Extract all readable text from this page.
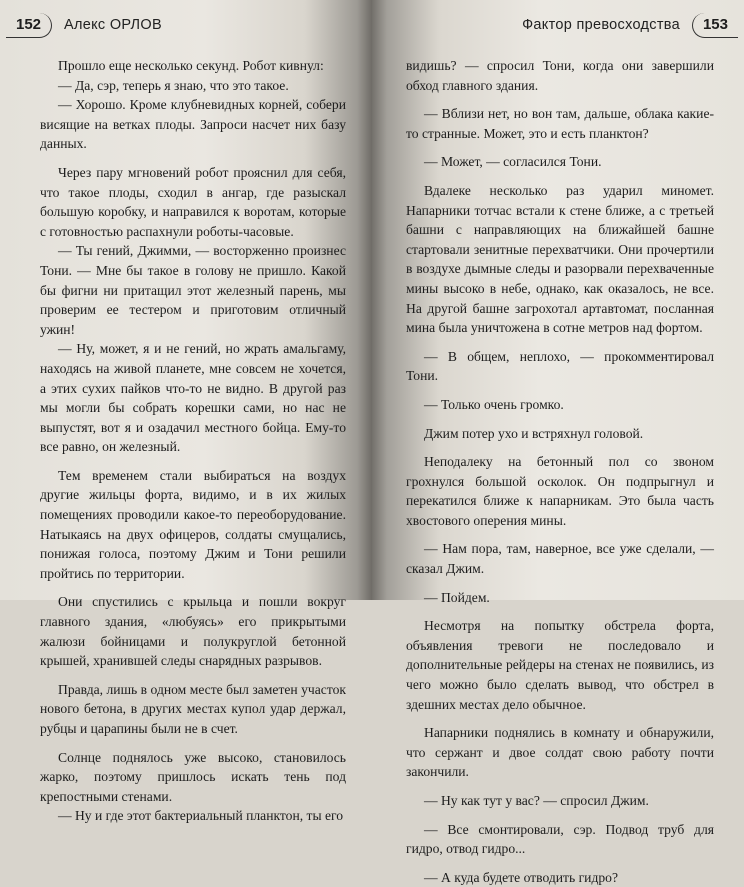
152	Алекс ОРЛОВ

Прошло еще несколько секунд. Робот кивнул:

— Да, сэр, теперь я знаю, что это такое.

— Хорошо. Кроме клубневидных корней, собери висящие на ветках плоды. Запроси насчет них базу данных.

Через пару мгновений робот прояснил для себя, что такое плоды, сходил в ангар, где разыскал большую коробку, и направился к воротам, которые с готовностью распахнули роботы-часовые.

— Ты гений, Джимми, — восторженно произнес Тони. — Мне бы такое в голову не пришло. Какой бы фигни ни притащил этот железный парень, мы проверим ее тестером и приготовим отличный ужин!

— Ну, может, я и не гений, но жрать амальгаму, находясь на живой планете, мне совсем не хочется, а этих сухих пайков что-то не видно. В другой раз мы могли бы собрать корешки сами, но нас не выпустят, вот я и озадачил местного бойца. Ему-то все равно, он железный.

Тем временем стали выбираться на воздух другие жильцы форта, видимо, и в их жилых помещениях проводили какое-то переоборудование. Натыкаясь на двух офицеров, солдаты смущались, понижая голоса, поэтому Джим и Тони решили пройтись по территории.

Они спустились с крыльца и пошли вокруг главного здания, «любуясь» его прикрытыми жалюзи бойницами и полукруглой бетонной крышей, хранившей следы снарядных разрывов.

Правда, лишь в одном месте был заметен участок нового бетона, в других местах купол удар держал, рубцы и царапины были не в счет.

Солнце поднялось уже высоко, становилось жарко, поэтому пришлось искать тень под крепостными стенами.

— Ну и где этот бактериальный планктон, ты его

Фактор превосходства	153

видишь? — спросил Тони, когда они завершили обход главного здания.

— Вблизи нет, но вон там, дальше, облака какие-то странные. Может, это и есть планктон?

— Может, — согласился Тони.

Вдалеке несколько раз ударил миномет. Напарники тотчас встали к стене ближе, а с третьей башни с направляющих на ближайшей башне стартовали зенитные перехватчики. Они прочертили в воздухе дымные следы и разорвали перехваченные мины высоко в небе, однако, как оказалось, не все. На другой башне загрохотал артавтомат, посланная мина была уничтожена в сотне метров над фортом.

— В общем, неплохо, — прокомментировал Тони.

— Только очень громко.

Джим потер ухо и встряхнул головой.

Неподалеку на бетонный пол со звоном грохнулся большой осколок. Он подпрыгнул и перекатился ближе к напарникам. Это была часть хвостового оперения мины.

— Нам пора, там, наверное, все уже сделали, — сказал Джим.

— Пойдем.

Несмотря на попытку обстрела форта, объявления тревоги не последовало и дополнительные рейдеры на стенах не появились, из чего можно было сделать вывод, что обстрел в здешних местах дело обычное.

Напарники поднялись в комнату и обнаружили, что сержант и двое солдат свою работу почти закончили.

— Ну как тут у вас? — спросил Джим.

— Все смонтировали, сэр. Подвод труб для гидро, отвод гидро...

— А куда будете отводить гидро?
